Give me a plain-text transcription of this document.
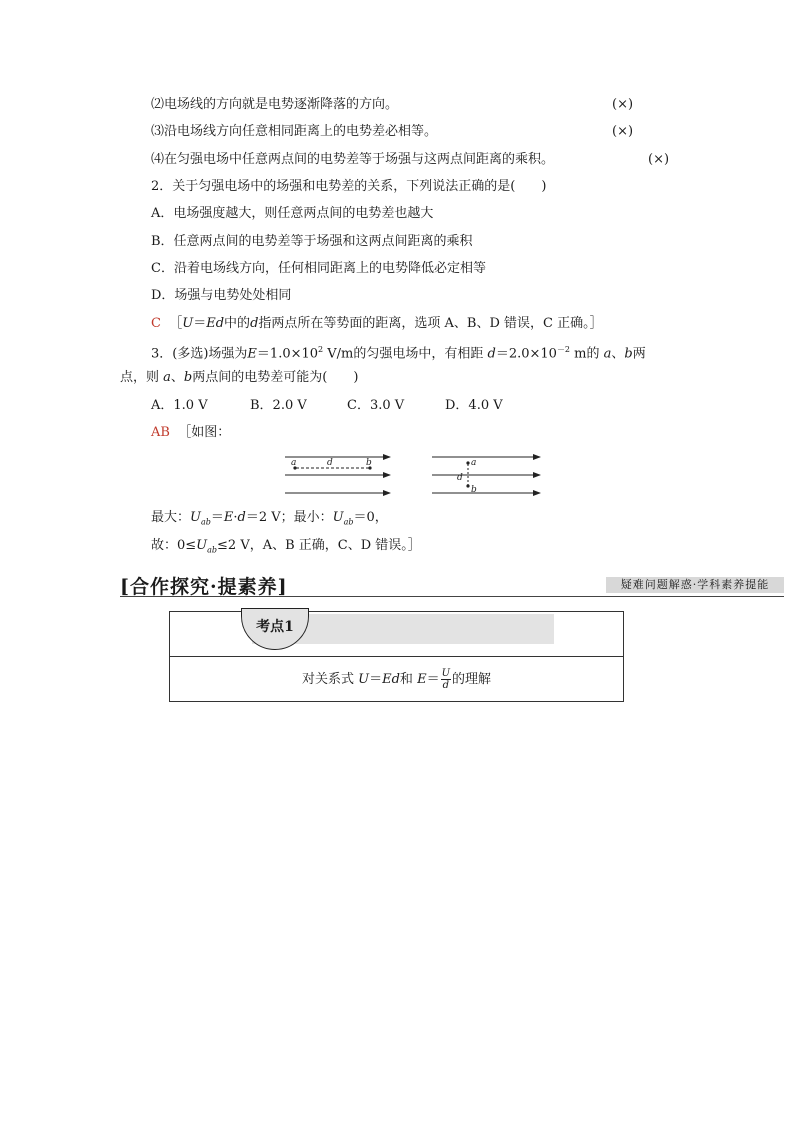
⑵电场线的方向就是电势逐渐降落的方向。	(×)
⑶沿电场线方向任意相同距离上的电势差必相等。	(×)
⑷在匀强电场中任意两点间的电势差等于场强与这两点间距离的乘积。	(×)
2．关于匀强电场中的场强和电势差的关系，下列说法正确的是(　　)
A．电场强度越大，则任意两点间的电势差也越大
B．任意两点间的电势差等于场强和这两点间距离的乘积
C．沿着电场线方向，任何相同距离上的电势降低必定相等
D．场强与电势处处相同
C ［U＝Ed中的d指两点所在等势面的距离，选项 A、B、D 错误，C 正确。］
3．(多选)场强为$E=1.0\times 10^2$ V/m的匀强电场中，有相距 $d=2.0\times 10^{-2}$ m的 a、b两
点，则 a、b两点间的电势差可能为(　　)
A．1.0 V	B．2.0 V	C．3.0 V	D．4.0 V
AB ［如图：
a	d	b	a
d
b
最大：$U_{ab}=E\cdot d=2$ V；最小：$U_{ab}=0$，
故：$0\le U_{ab}\le 2$ V，A、B 正确，C、D 错误。］
[合作探究·提素养]	疑难问题解惑·学科素养提能
考点1
对关系式 U＝Ed和 $E= \frac{U}{d}$ 的理解
